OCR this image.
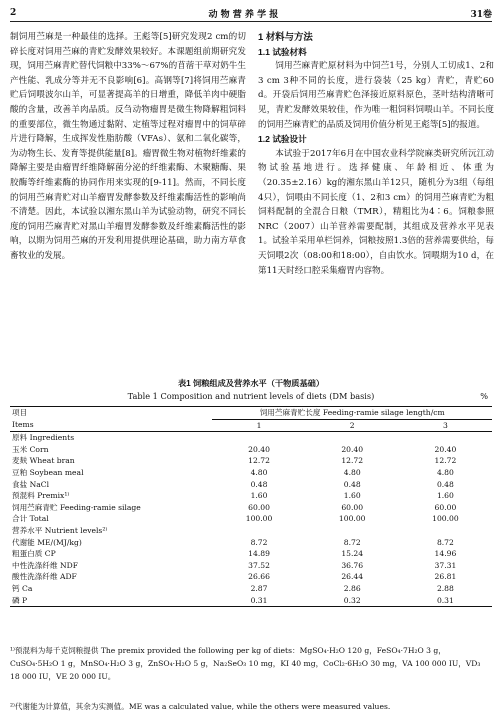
2	动 物 营 养 学 报	31卷

制饲用苎麻是一种最佳的选择。王彪等[5]研究发现2 cm的切碎长度对饲用苎麻的青贮发酵效果较好。本课题组前期研究发现，饲用苎麻青贮替代饲粮中33%～67%的苜蓿干草对奶牛生产性能、乳成分等并无不良影响[6]。高钢等[7]将饲用苎麻青贮后饲喂波尔山羊，可显著提高羊的日增重，降低羊肉中硬脂酸的含量，改善羊肉品质。反刍动物瘤胃是微生物降解粗饲料的重要部位，微生物通过黏附、定植等过程对瘤胃中的饲草碎片进行降解，生成挥发性脂肪酸（VFAs）、氨和二氧化碳等，为动物生长、发育等提供能量[8]。瘤胃微生物对植物纤维素的降解主要是由瘤胃纤维降解菌分泌的纤维素酶、木聚糖酶、果胶酶等纤维素酶的协同作用来实现的[9-11]。然而，不同长度的饲用苎麻青贮对山羊瘤胃发酵参数及纤维素酶活性的影响尚不清楚。因此，本试验以湘东黑山羊为试验动物，研究不同长度的饲用苎麻青贮对黑山羊瘤胃发酵参数及纤维素酶活性的影响，以期为饲用苎麻的开发利用提供理论基础，助力南方草食畜牧业的发展。

1 材料与方法

1.1 试验材料

饲用苎麻青贮原材料为中饲苎1号，分别人工切成1、2和3 cm 3种不同的长度，进行袋装（25 kg）青贮，青贮60 d。开袋后饲用苎麻青贮色泽接近原料原色，茎叶结构清晰可见，青贮发酵效果较佳，作为唯一粗饲料饲喂山羊。不同长度的饲用苎麻青贮的品质及饲用价值分析见王彪等[5]的报道。

1.2 试验设计

本试验于2017年6月在中国农业科学院麻类研究所沅江动物试验基地进行。选择健康、年龄相近、体重为（20.35±2.16）kg的湘东黑山羊12只，随机分为3组（每组4只），饲喂由不同长度（1、2和3 cm）的饲用苎麻青贮为粗饲料配制的全混合日粮（TMR），精粗比为4∶6。饲粮参照NRC（2007）山羊营养需要配制，其组成及营养水平见表1。试验羊采用单栏饲养，饲粮按照1.3倍的营养需要供给，每天饲喂2次（08:00和18:00），自由饮水。饲喂期为10 d，在第11天时经口腔采集瘤胃内容物。

表1 饲粮组成及营养水平（干物质基础）
Table 1 Composition and nutrient levels of diets (DM basis)	%
项目	饲用苎麻青贮长度 Feeding-ramie silage length/cm		
Items	1	2	3
原料 Ingredients			
玉米 Corn	20.40	20.40	20.40
麦麸 Wheat bran	12.72	12.72	12.72
豆粕 Soybean meal	4.80	4.80	4.80
食盐 NaCl	0.48	0.48	0.48
预混料 Premix¹⁾	1.60	1.60	1.60
饲用苎麻青贮 Feeding-ramie silage	60.00	60.00	60.00
合计 Total	100.00	100.00	100.00
营养水平 Nutrient levels²⁾			
代谢能 ME/(MJ/kg)	8.72	8.72	8.72
粗蛋白质 CP	14.89	15.24	14.96
中性洗涤纤维 NDF	37.52	36.76	37.31
酸性洗涤纤维 ADF	26.66	26.44	26.81
钙 Ca	2.87	2.86	2.88
磷 P	0.31	0.32	0.31
¹⁾预混料为每千克饲粮提供 The premix provided the following per kg of diets：MgSO₄·H₂O 120 g，FeSO₄·7H₂O 3 g，CuSO₄·5H₂O 1 g，MnSO₄·H₂O 3 g，ZnSO₄·H₂O 5 g，Na₂SeO₃ 10 mg，KI 40 mg，CoCl₂·6H₂O 30 mg，VA 100 000 IU，VD₃ 18 000 IU，VE 20 000 IU。
²⁾代谢能为计算值，其余为实测值。ME was a calculated value, while the others were measured values.
